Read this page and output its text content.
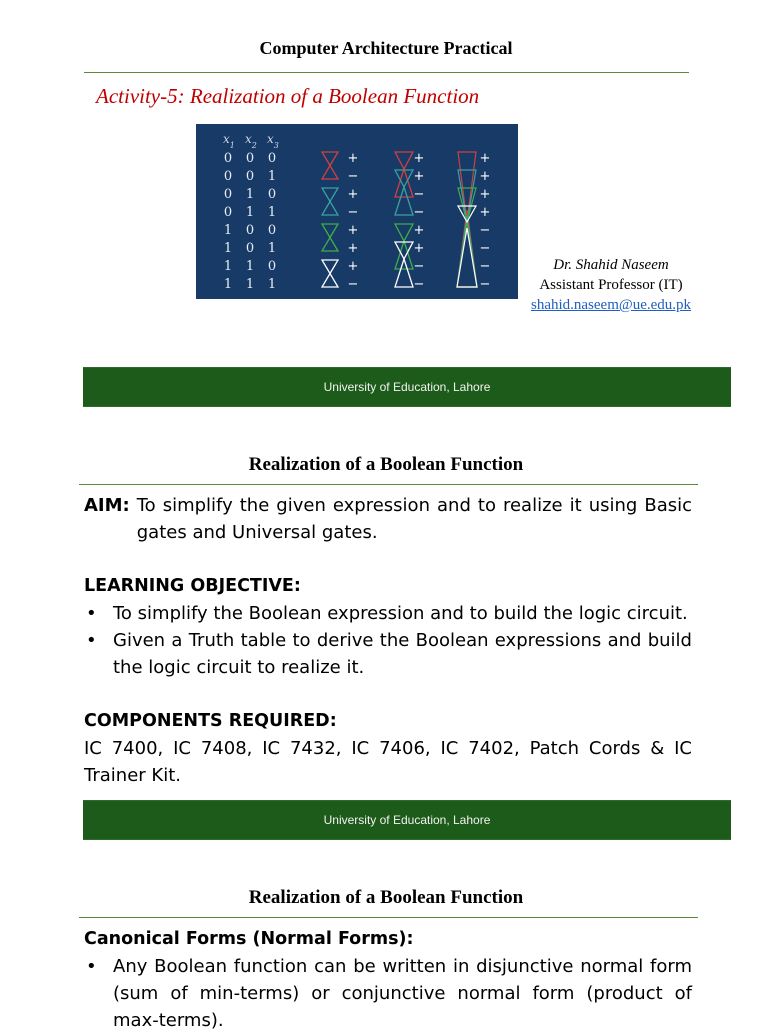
Computer Architecture Practical
Activity-5: Realization of a Boolean Function
$x_1$ $x_2$ $x_3$
0 0 0
0 0 1
0 1 0
0 1 1
1 0 0
1 0 1
1 1 0
1 1 1
+
−
+
−
+
+
+
−
+
+
−
−
+
+
−
−
+
+
+
+
−
−
−
−
Dr. Shahid Naseem
Assistant Professor (IT)
shahid.naseem@ue.edu.pk
University of Education, Lahore
Realization of a Boolean Function
AIM: To simplify the given expression and to realize it using Basic gates and Universal gates.
LEARNING OBJECTIVE:
• To simplify the Boolean expression and to build the logic circuit.
• Given a Truth table to derive the Boolean expressions and build the logic circuit to realize it.
COMPONENTS REQUIRED:
IC 7400, IC 7408, IC 7432, IC 7406, IC 7402, Patch Cords & IC Trainer Kit.
University of Education, Lahore
Realization of a Boolean Function
Canonical Forms (Normal Forms):
• Any Boolean function can be written in disjunctive normal form (sum of min-terms) or conjunctive normal form (product of max-terms).
